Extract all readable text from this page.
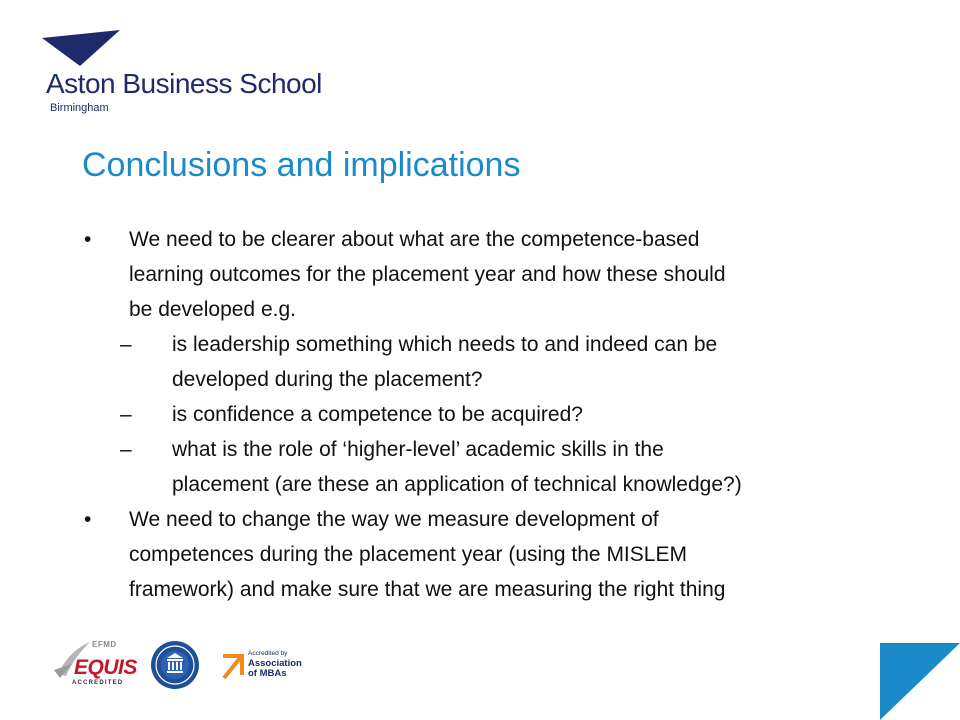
Aston Business School
Birmingham
Conclusions and implications
•	We need to be clearer about what are the competence-based
learning outcomes for the placement year and how these should
be developed e.g.
–	is leadership something which needs to and indeed can be
developed during the placement?
–	is confidence a competence to be acquired?
–	what is the role of ‘higher-level’ academic skills in the
placement (are these an application of technical knowledge?)
•	We need to change the way we measure development of
competences during the placement year (using the MISLEM
framework) and make sure that we are measuring the right thing
EFMD
EQUIS
ACCREDITED
Accredited by
Association
of MBAs
